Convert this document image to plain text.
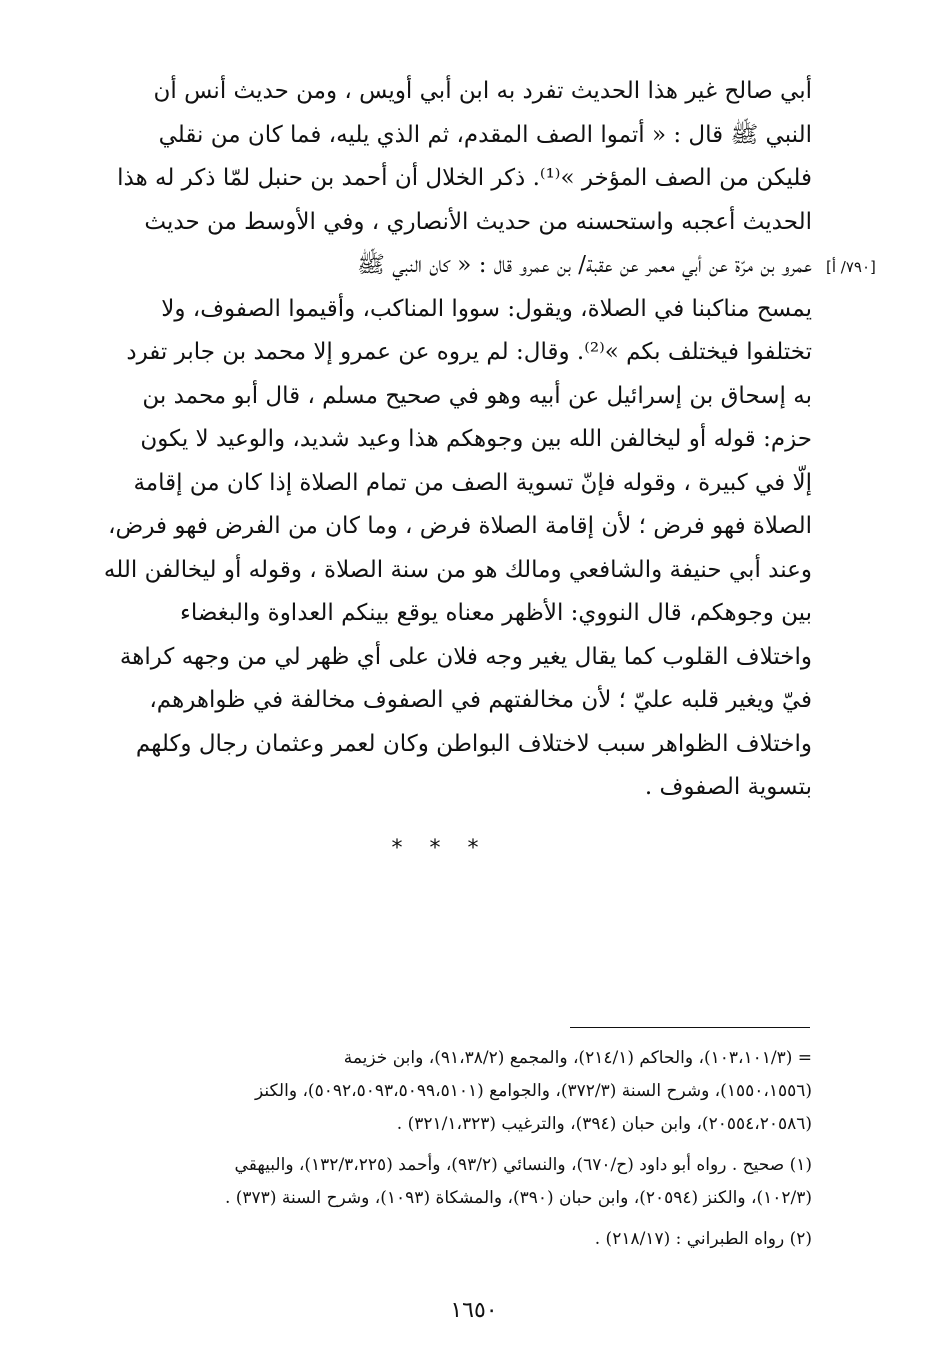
أبي صالح غير هذا الحديث تفرد به ابن أبي أويس ، ومن حديث أنس أن
النبي ﷺ قال : « أتموا الصف المقدم، ثم الذي يليه، فما كان من نقلي
فليكن من الصف المؤخر »⁽¹⁾. ذكر الخلال أن أحمد بن حنبل لمّا ذكر له هذا
الحديث أعجبه واستحسنه من حديث الأنصاري ، وفي الأوسط من حديث
عمرو بن مرّة عن أبي معمر عن عقبة/ بن عمرو قال : « كان النبي ﷺ
يمسح مناكبنا في الصلاة، ويقول: سووا المناكب، وأقيموا الصفوف، ولا
تختلفوا فيختلف بكم »⁽²⁾. وقال: لم يروه عن عمرو إلا محمد بن جابر تفرد
به إسحاق بن إسرائيل عن أبيه وهو في صحيح مسلم ، قال أبو محمد بن
حزم: قوله أو ليخالفن الله بين وجوهكم هذا وعيد شديد، والوعيد لا يكون
إلّا في كبيرة ، وقوله فإنّ تسوية الصف من تمام الصلاة إذا كان من إقامة
الصلاة فهو فرض ؛ لأن إقامة الصلاة فرض ، وما كان من الفرض فهو فرض،
وعند أبي حنيفة والشافعي ومالك هو من سنة الصلاة ، وقوله أو ليخالفن الله
بين وجوهكم، قال النووي: الأظهر معناه يوقع بينكم العداوة والبغضاء
واختلاف القلوب كما يقال يغير وجه فلان على أي ظهر لي من وجهه كراهة
فيّ ويغير قلبه عليّ ؛ لأن مخالفتهم في الصفوف مخالفة في ظواهرهم،
واختلاف الظواهر سبب لاختلاف البواطن وكان لعمر وعثمان رجال وكلهم
بتسوية الصفوف .
[٧٩٠/ أ]
* * *
= (١٠٣،١٠١/٣)، والحاكم (٢١٤/١)، والمجمع (٩١،٣٨/٢)، وابن خزيمة
(١٥٥٠،١٥٥٦)، وشرح السنة (٣٧٢/٣)، والجوامع (٥٠٩٢،٥٠٩٣،٥٠٩٩،٥١٠١)، والكنز
(٢٠٥٥٤،٢٠٥٨٦)، وابن حبان (٣٩٤)، والترغيب (٣٢١/١،٣٢٣) .
(١) صحيح . رواه أبو داود (ح/٦٧٠)، والنسائي (٩٣/٢)، وأحمد (١٣٢/٣،٢٢٥)، والبيهقي
(١٠٢/٣)، والكنز (٢٠٥٩٤)، وابن حبان (٣٩٠)، والمشكاة (١٠٩٣)، وشرح السنة (٣٧٣) .
(٢) رواه الطبراني : (٢١٨/١٧) .
١٦٥٠
